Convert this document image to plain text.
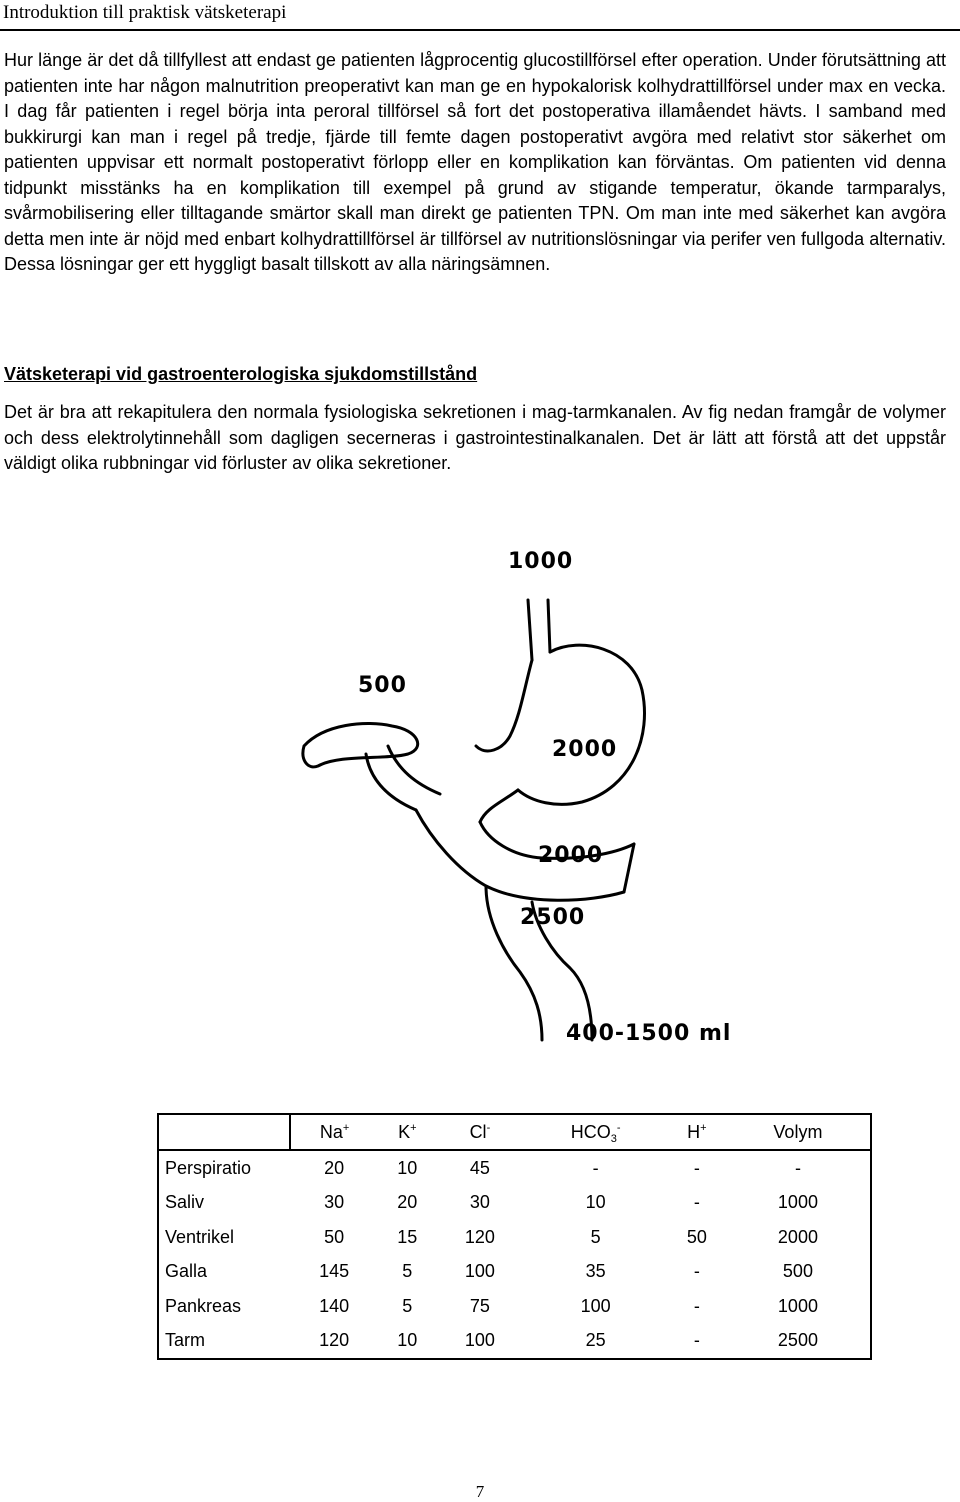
Introduktion till praktisk vätsketerapi

Hur länge är det då tillfyllest att endast ge patienten lågprocentig glucostillförsel efter operation. Under förutsättning att patienten inte har någon malnutrition preoperativt kan man ge en hypokalorisk kolhydrattillförsel under max en vecka. I dag får patienten i regel börja inta peroral tillförsel så fort det postoperativa illamåendet hävts. I samband med bukkirurgi kan man i regel på tredje, fjärde till femte dagen postoperativt avgöra med relativt stor säkerhet om patienten uppvisar ett normalt postoperativt förlopp eller en komplikation kan förväntas. Om patienten vid denna tidpunkt misstänks ha en komplikation till exempel på grund av stigande temperatur, ökande tarmparalys, svårmobilisering eller tilltagande smärtor skall man direkt ge patienten TPN. Om man inte med säkerhet kan avgöra detta men inte är nöjd med enbart kolhydrattillförsel är tillförsel av nutritionslösningar via perifer ven fullgoda alternativ. Dessa lösningar ger ett hyggligt basalt tillskott av alla näringsämnen.

Vätsketerapi vid gastroenterologiska sjukdomstillstånd

Det är bra att rekapitulera den normala fysiologiska sekretionen i mag-tarmkanalen. Av fig nedan framgår de volymer och dess elektrolytinnehåll som dagligen secerneras i gastrointestinalkanalen. Det är lätt att förstå att det uppstår väldigt olika rubbningar vid förluster av olika sekretioner.

1000
500
2000
2000
2500
400-1500 ml
	Na+	K+	Cl-	$HCO_3^-$	H+	Volym
Perspiratio	20	10	45	-	-	-
Saliv	30	20	30	10	-	1000
Ventrikel	50	15	120	5	50	2000
Galla	145	5	100	35	-	500
Pankreas	140	5	75	100	-	1000
Tarm	120	10	100	25	-	2500
7
